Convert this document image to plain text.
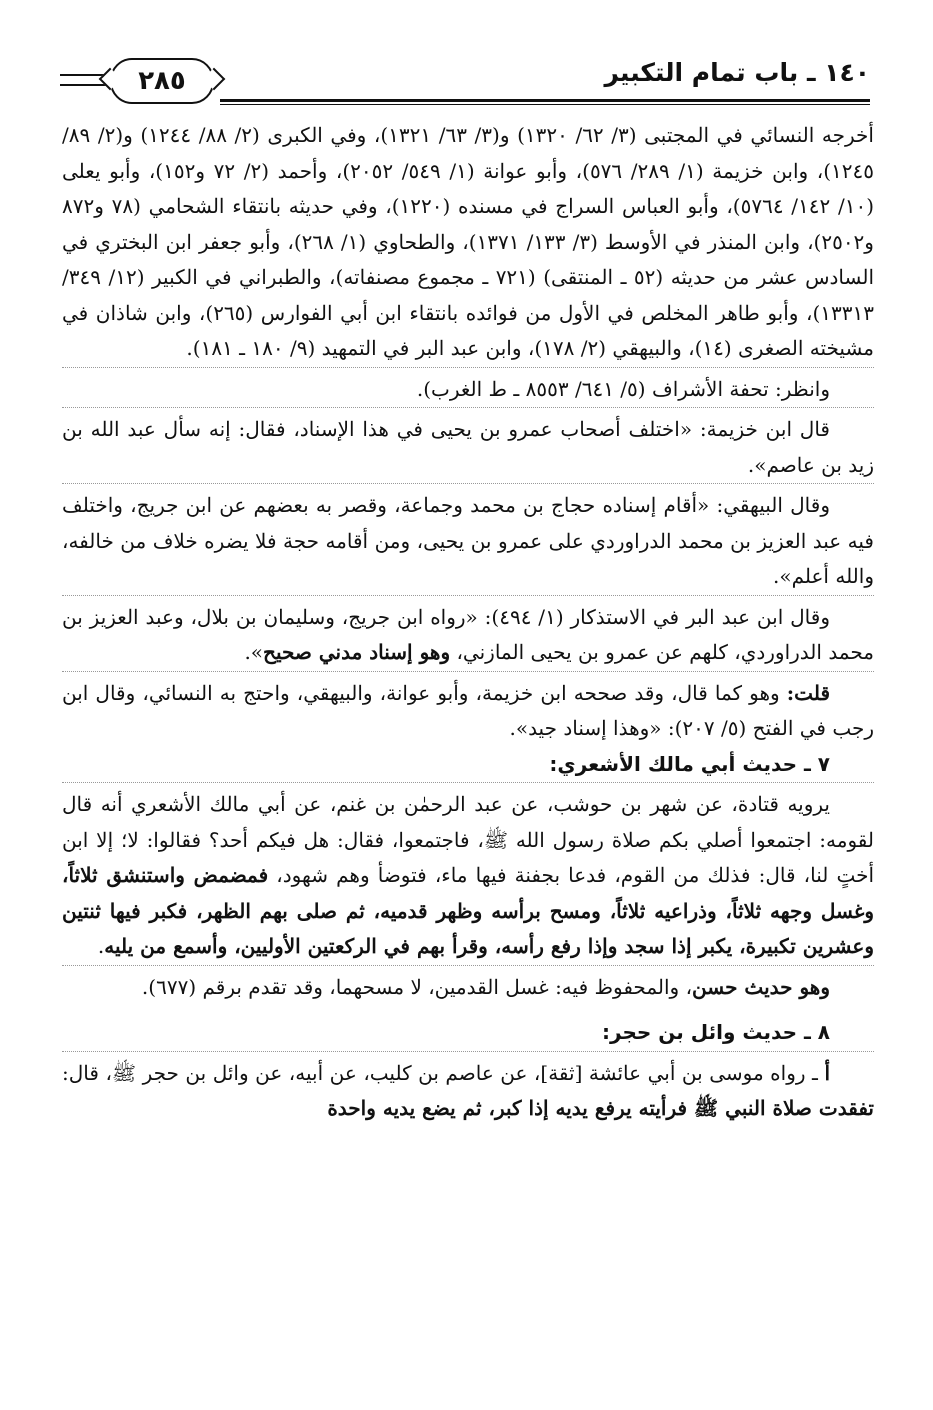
١٤٠ ـ باب تمام التكبير
٢٨٥

أخرجه النسائي في المجتبى (٣/ ٦٢/ ١٣٢٠) و(٣/ ٦٣/ ١٣٢١)، وفي الكبرى (٢/ ٨٨/ ١٢٤٤) و(٢/ ٨٩/ ١٢٤٥)، وابن خزيمة (١/ ٢٨٩/ ٥٧٦)، وأبو عوانة (١/ ٥٤٩/ ٢٠٥٢)، وأحمد (٢/ ٧٢ و١٥٢)، وأبو يعلى (١٠/ ١٤٢/ ٥٧٦٤)، وأبو العباس السراج في مسنده (١٢٢٠)، وفي حديثه بانتقاء الشحامي (٧٨ و٨٧٢ و٢٥٠٢)، وابن المنذر في الأوسط (٣/ ١٣٣/ ١٣٧١)، والطحاوي (١/ ٢٦٨)، وأبو جعفر ابن البختري في السادس عشر من حديثه (٥٢ ـ المنتقى) (٧٢١ ـ مجموع مصنفاته)، والطبراني في الكبير (١٢/ ٣٤٩/ ١٣٣١٣)، وأبو طاهر المخلص في الأول من فوائده بانتقاء ابن أبي الفوارس (٢٦٥)، وابن شاذان في مشيخته الصغرى (١٤)، والبيهقي (٢/ ١٧٨)، وابن عبد البر في التمهيد (٩/ ١٨٠ ـ ١٨١).

وانظر: تحفة الأشراف (٥/ ٦٤١/ ٨٥٥٣ ـ ط الغرب).

قال ابن خزيمة: «اختلف أصحاب عمرو بن يحيى في هذا الإسناد، فقال: إنه سأل عبد الله بن زيد بن عاصم».

وقال البيهقي: «أقام إسناده حجاج بن محمد وجماعة، وقصر به بعضهم عن ابن جريج، واختلف فيه عبد العزيز بن محمد الدراوردي على عمرو بن يحيى، ومن أقامه حجة فلا يضره خلاف من خالفه، والله أعلم».

وقال ابن عبد البر في الاستذكار (١/ ٤٩٤): «رواه ابن جريج، وسليمان بن بلال، وعبد العزيز بن محمد الدراوردي، كلهم عن عمرو بن يحيى المازني، وهو إسناد مدني صحيح».

قلت: وهو كما قال، وقد صححه ابن خزيمة، وأبو عوانة، والبيهقي، واحتج به النسائي، وقال ابن رجب في الفتح (٥/ ٢٠٧): «وهذا إسناد جيد».

٧ ـ حديث أبي مالك الأشعري:

يرويه قتادة، عن شهر بن حوشب، عن عبد الرحمٰن بن غنم، عن أبي مالك الأشعري أنه قال لقومه: اجتمعوا أصلي بكم صلاة رسول الله ﷺ، فاجتمعوا، فقال: هل فيكم أحد؟ فقالوا: لا؛ إلا ابن أختٍ لنا، قال: فذلك من القوم، فدعا بجفنة فيها ماء، فتوضأ وهم شهود، فمضمض واستنشق ثلاثاً، وغسل وجهه ثلاثاً، وذراعيه ثلاثاً، ومسح برأسه وظهر قدميه، ثم صلى بهم الظهر، فكبر فيها ثنتين وعشرين تكبيرة، يكبر إذا سجد وإذا رفع رأسه، وقرأ بهم في الركعتين الأوليين، وأسمع من يليه.

وهو حديث حسن، والمحفوظ فيه: غسل القدمين، لا مسحهما، وقد تقدم برقم (٦٧٧).

٨ ـ حديث وائل بن حجر:

أ ـ رواه موسى بن أبي عائشة [ثقة]، عن عاصم بن كليب، عن أبيه، عن وائل بن حجر ﷺ، قال: تفقدت صلاة النبي ﷺ فرأيته يرفع يديه إذا كبر، ثم يضع يديه واحدة
